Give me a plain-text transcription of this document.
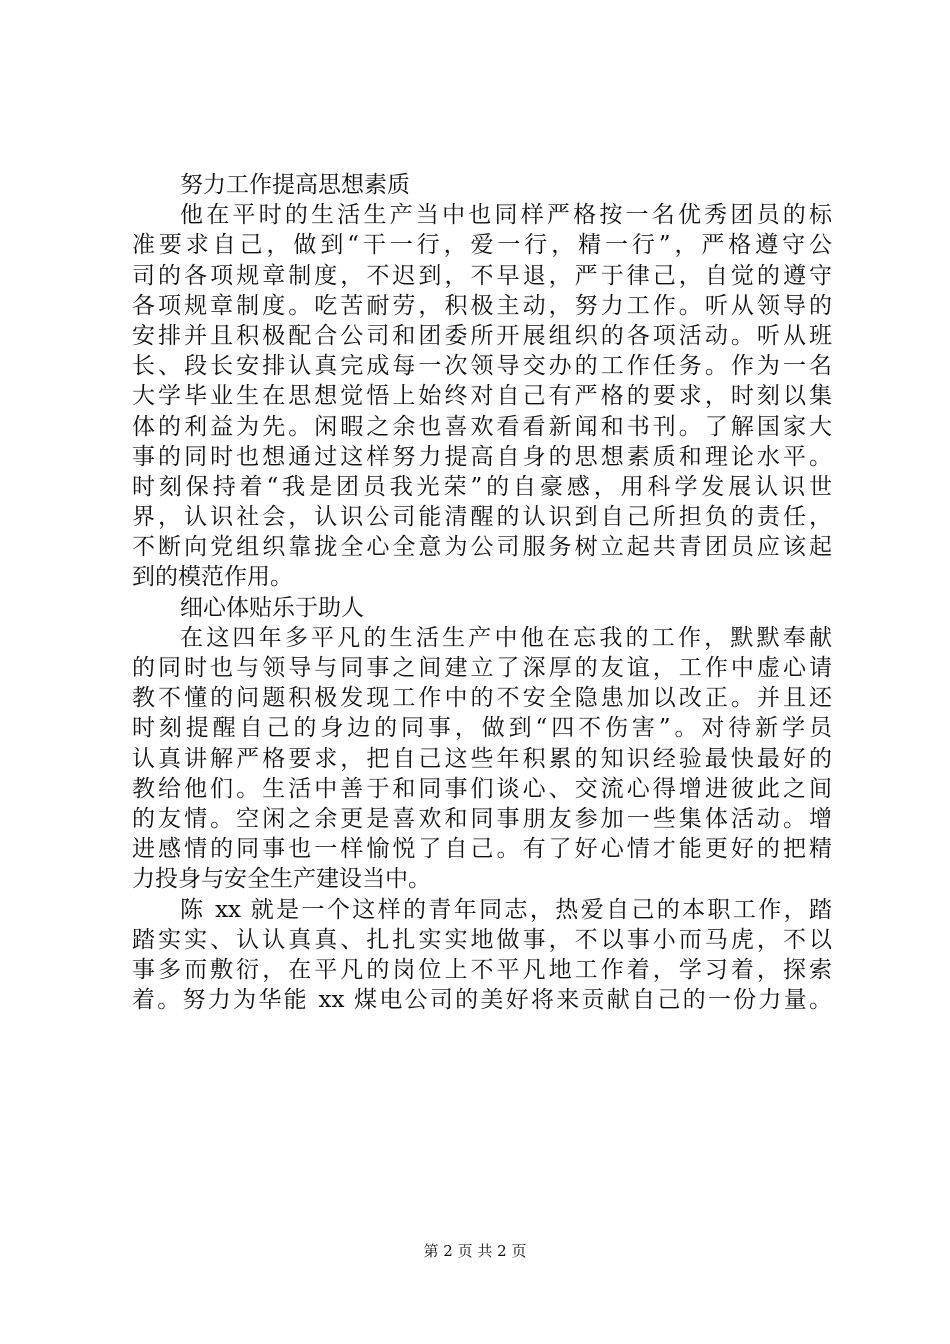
努力工作提高思想素质
他在平时的生活生产当中也同样严格按一名优秀团员的标
准要求自己，做到“干一行，爱一行，精一行”，严格遵守公
司的各项规章制度，不迟到，不早退，严于律己，自觉的遵守
各项规章制度。吃苦耐劳，积极主动，努力工作。听从领导的
安排并且积极配合公司和团委所开展组织的各项活动。听从班
长、段长安排认真完成每一次领导交办的工作任务。作为一名
大学毕业生在思想觉悟上始终对自己有严格的要求，时刻以集
体的利益为先。闲暇之余也喜欢看看新闻和书刊。了解国家大
事的同时也想通过这样努力提高自身的思想素质和理论水平。
时刻保持着“我是团员我光荣”的自豪感，用科学发展认识世
界，认识社会，认识公司能清醒的认识到自己所担负的责任，
不断向党组织靠拢全心全意为公司服务树立起共青团员应该起
到的模范作用。
细心体贴乐于助人
在这四年多平凡的生活生产中他在忘我的工作，默默奉献
的同时也与领导与同事之间建立了深厚的友谊，工作中虚心请
教不懂的问题积极发现工作中的不安全隐患加以改正。并且还
时刻提醒自己的身边的同事，做到“四不伤害”。对待新学员
认真讲解严格要求，把自己这些年积累的知识经验最快最好的
教给他们。生活中善于和同事们谈心、交流心得增进彼此之间
的友情。空闲之余更是喜欢和同事朋友参加一些集体活动。增
进感情的同事也一样愉悦了自己。有了好心情才能更好的把精
力投身与安全生产建设当中。
陈 xx 就是一个这样的青年同志，热爱自己的本职工作，踏
踏实实、认认真真、扎扎实实地做事，不以事小而马虎，不以
事多而敷衍，在平凡的岗位上不平凡地工作着，学习着，探索
着。努力为华能 xx 煤电公司的美好将来贡献自己的一份力量。
第 2 页 共 2 页
